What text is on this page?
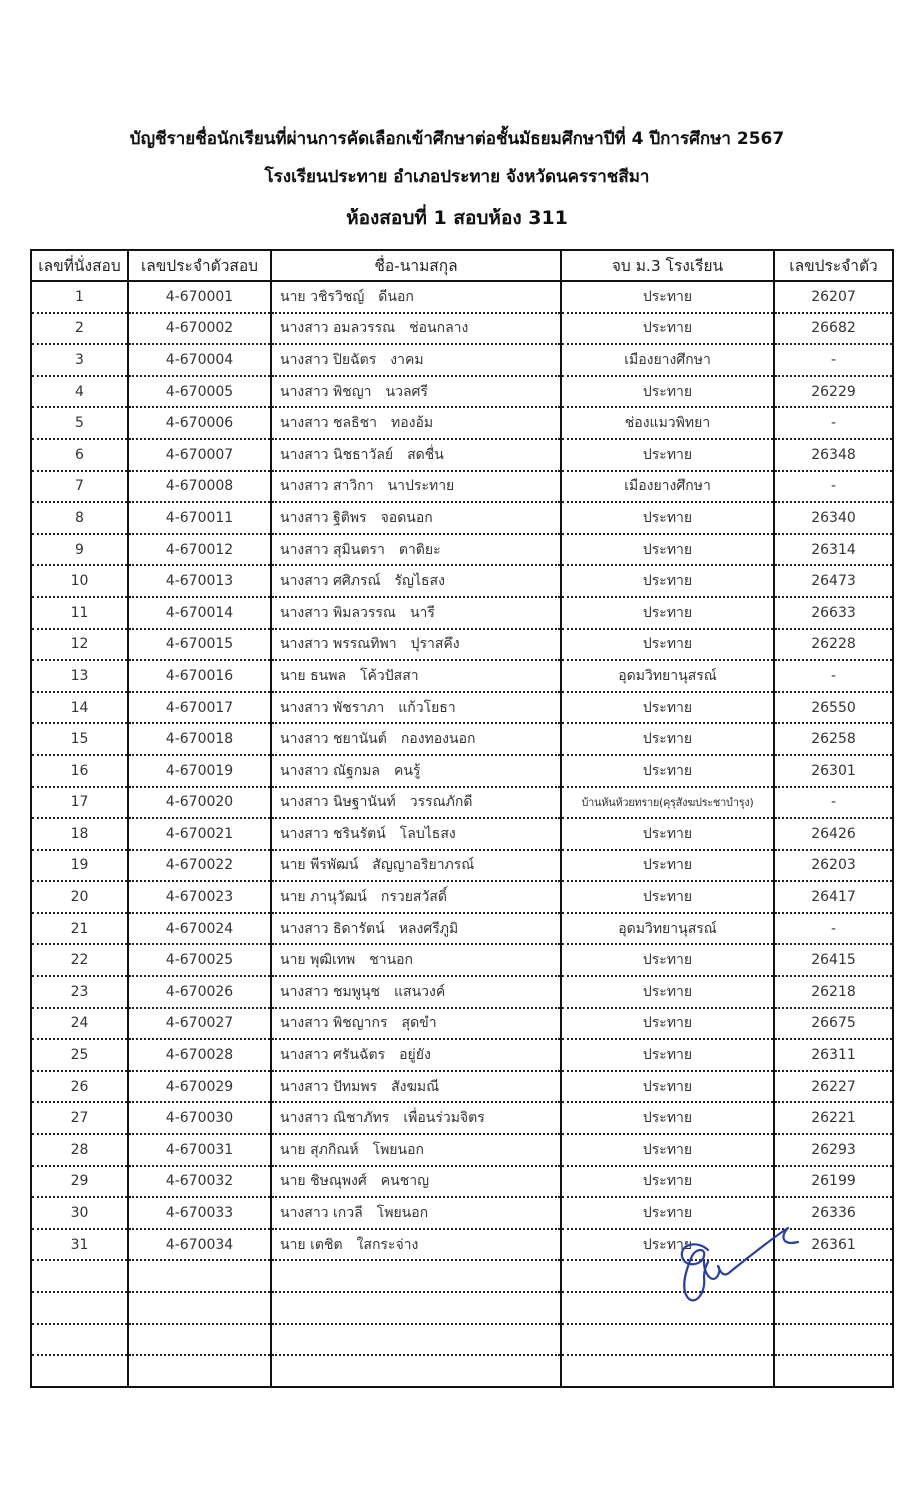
บัญชีรายชื่อนักเรียนที่ผ่านการคัดเลือกเข้าศึกษาต่อชั้นมัธยมศึกษาปีที่ 4 ปีการศึกษา 2567
โรงเรียนประทาย อำเภอประทาย จังหวัดนครราชสีมา
ห้องสอบที่ 1 สอบห้อง 311
เลขที่นั่งสอบ	เลขประจำตัวสอบ	ชื่อ-นามสกุล	จบ ม.3 โรงเรียน	เลขประจำตัว
1	4-670001	นาย วชิรวิชญ์ ดีนอก	ประทาย	26207
2	4-670002	นางสาว อมลวรรณ ช่อนกลาง	ประทาย	26682
3	4-670004	นางสาว ปิยฉัตร งาคม	เมืองยางศึกษา	-
4	4-670005	นางสาว พิชญา นวลศรี	ประทาย	26229
5	4-670006	นางสาว ชลธิชา ทองอ้ม	ช่องแมวพิทยา	-
6	4-670007	นางสาว นิชธาวัลย์ สดชื่น	ประทาย	26348
7	4-670008	นางสาว สาวิกา นาประทาย	เมืองยางศึกษา	-
8	4-670011	นางสาว ฐิติพร จอดนอก	ประทาย	26340
9	4-670012	นางสาว สุมินตรา ตาติยะ	ประทาย	26314
10	4-670013	นางสาว ศศิภรณ์ รัญไธสง	ประทาย	26473
11	4-670014	นางสาว พิมลวรรณ นารี	ประทาย	26633
12	4-670015	นางสาว พรรณทิพา ปุราสคึง	ประทาย	26228
13	4-670016	นาย ธนพล โค้วปัสสา	อุดมวิทยานุสรณ์	-
14	4-670017	นางสาว พัชราภา แก้วโยธา	ประทาย	26550
15	4-670018	นางสาว ชยานันต์ กองทองนอก	ประทาย	26258
16	4-670019	นางสาว ณัฐกมล คนรู้	ประทาย	26301
17	4-670020	นางสาว นิษฐานันท์ วรรณภักดี	บ้านหันห้วยทราย(คุรุสังฆประชาบำรุง)	-
18	4-670021	นางสาว ชรินรัตน์ โลบไธสง	ประทาย	26426
19	4-670022	นาย พีรพัฒน์ สัญญาอริยาภรณ์	ประทาย	26203
20	4-670023	นาย ภานุวัฒน์ กรวยสวัสดิ์	ประทาย	26417
21	4-670024	นางสาว ธิดารัตน์ หลงศรีภูมิ	อุดมวิทยานุสรณ์	-
22	4-670025	นาย พุฒิเทพ ชานอก	ประทาย	26415
23	4-670026	นางสาว ชมพูนุช แสนวงค์	ประทาย	26218
24	4-670027	นางสาว พิชญากร สุดขำ	ประทาย	26675
25	4-670028	นางสาว ศรันฉัตร อยู่ยัง	ประทาย	26311
26	4-670029	นางสาว ปัทมพร สังฆมณี	ประทาย	26227
27	4-670030	นางสาว ณิชาภัทร เพื่อนร่วมจิตร	ประทาย	26221
28	4-670031	นาย สุภกิณห์ โพยนอก	ประทาย	26293
29	4-670032	นาย ชิษณุพงศ์ คนชาญ	ประทาย	26199
30	4-670033	นางสาว เกวลี โพยนอก	ประทาย	26336
31	4-670034	นาย เตชิต ใสกระจ่าง	ประทาย	26361
